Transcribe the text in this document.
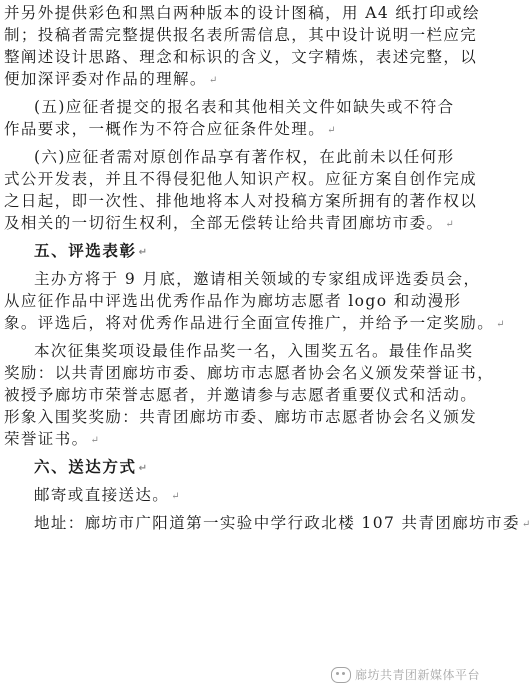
并另外提供彩色和黑白两种版本的设计图稿，用 A4 纸打印或绘
制；投稿者需完整提供报名表所需信息，其中设计说明一栏应完
整阐述设计思路、理念和标识的含义，文字精炼，表述完整，以
便加深评委对作品的理解。 ↵
(五)应征者提交的报名表和其他相关文件如缺失或不符合
作品要求，一概作为不符合应征条件处理。 ↵
(六)应征者需对原创作品享有著作权，在此前未以任何形
式公开发表，并且不得侵犯他人知识产权。应征方案自创作完成
之日起，即一次性、排他地将本人对投稿方案所拥有的著作权以
及相关的一切衍生权利，全部无偿转让给共青团廊坊市委。 ↵
五、评选表彰 ↵
主办方将于 9 月底，邀请相关领域的专家组成评选委员会，
从应征作品中评选出优秀作品作为廊坊志愿者 logo 和动漫形
象。评选后，将对优秀作品进行全面宣传推广，并给予一定奖励。 ↵
本次征集奖项设最佳作品奖一名，入围奖五名。最佳作品奖
奖励：以共青团廊坊市委、廊坊市志愿者协会名义颁发荣誉证书，
被授予廊坊市荣誉志愿者，并邀请参与志愿者重要仪式和活动。
形象入围奖奖励：共青团廊坊市委、廊坊市志愿者协会名义颁发
荣誉证书。 ↵
六、送达方式 ↵
邮寄或直接送达。 ↵
地址：廊坊市广阳道第一实验中学行政北楼 107 共青团廊坊市委 ↵
廊坊共青团新媒体平台
